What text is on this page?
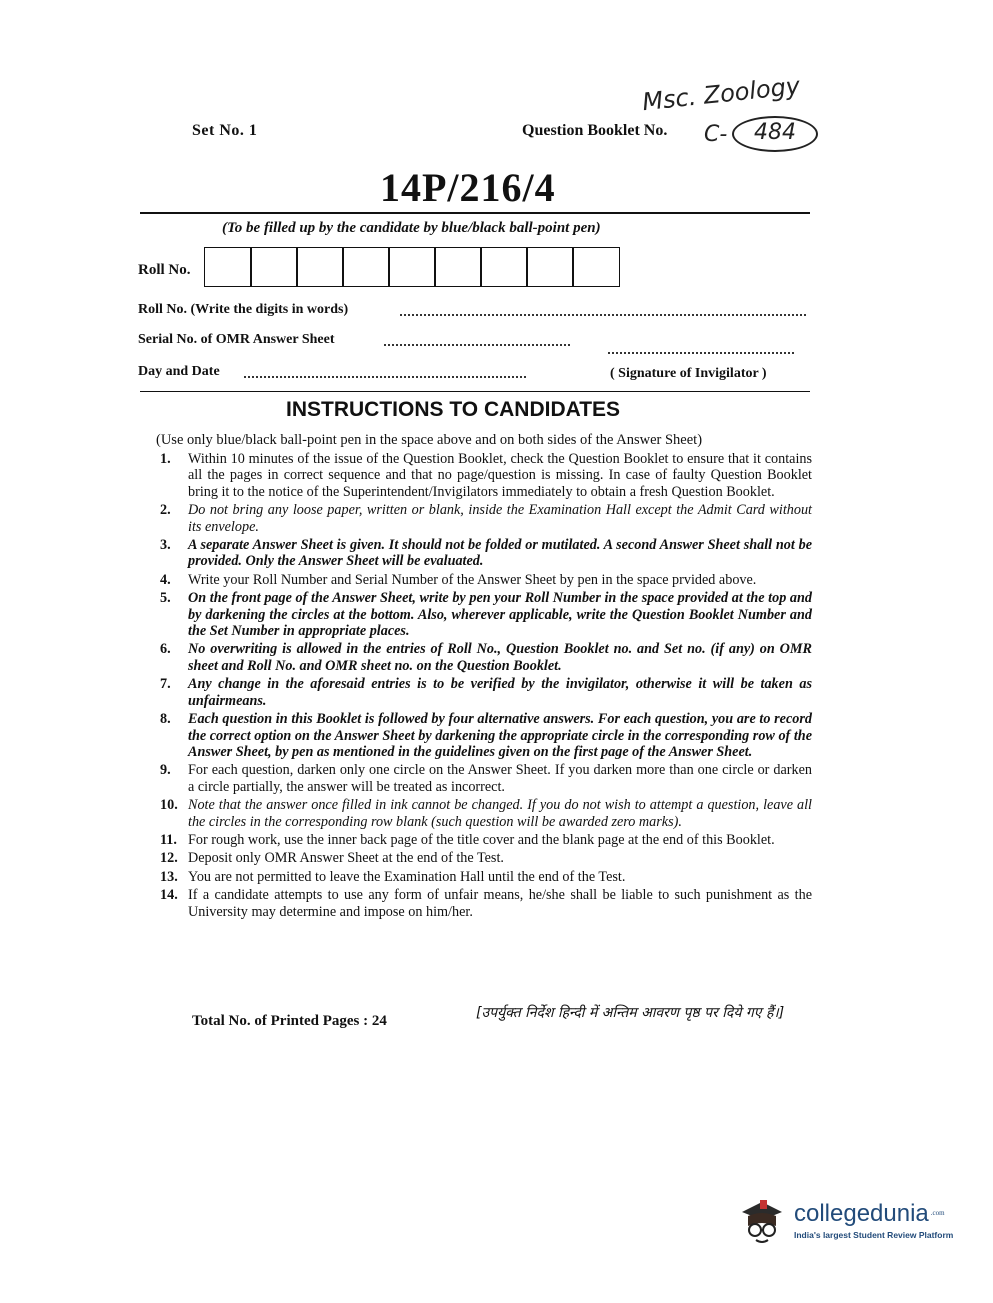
Set No. 1	Question Booklet No.
Msc. Zoology
C-	484
14P/216/4
(To be filled up by the candidate by blue/black ball-point pen)
Roll No.
Roll No. (Write the digits in words)
Serial No. of OMR Answer Sheet
Day and Date	( Signature of Invigilator )
INSTRUCTIONS TO CANDIDATES
(Use only blue/black ball-point pen in the space above and on both sides of the Answer Sheet)
1. Within 10 minutes of the issue of the Question Booklet, check the Question Booklet to ensure that it contains all the pages in correct sequence and that no page/question is missing. In case of faulty Question Booklet bring it to the notice of the Superintendent/Invigilators immediately to obtain a fresh Question Booklet.
2. Do not bring any loose paper, written or blank, inside the Examination Hall except the Admit Card without its envelope.
3. A separate Answer Sheet is given. It should not be folded or mutilated. A second Answer Sheet shall not be provided. Only the Answer Sheet will be evaluated.
4. Write your Roll Number and Serial Number of the Answer Sheet by pen in the space prvided above.
5. On the front page of the Answer Sheet, write by pen your Roll Number in the space provided at the top and by darkening the circles at the bottom. Also, wherever applicable, write the Question Booklet Number and the Set Number in appropriate places.
6. No overwriting is allowed in the entries of Roll No., Question Booklet no. and Set no. (if any) on OMR sheet and Roll No. and OMR sheet no. on the Question Booklet.
7. Any change in the aforesaid entries is to be verified by the invigilator, otherwise it will be taken as unfairmeans.
8. Each question in this Booklet is followed by four alternative answers. For each question, you are to record the correct option on the Answer Sheet by darkening the appropriate circle in the corresponding row of the Answer Sheet, by pen as mentioned in the guidelines given on the first page of the Answer Sheet.
9. For each question, darken only one circle on the Answer Sheet. If you darken more than one circle or darken a circle partially, the answer will be treated as incorrect.
10. Note that the answer once filled in ink cannot be changed. If you do not wish to attempt a question, leave all the circles in the corresponding row blank (such question will be awarded zero marks).
11. For rough work, use the inner back page of the title cover and the blank page at the end of this Booklet.
12. Deposit only OMR Answer Sheet at the end of the Test.
13. You are not permitted to leave the Examination Hall until the end of the Test.
14. If a candidate attempts to use any form of unfair means, he/she shall be liable to such punishment as the University may determine and impose on him/her.
Total No. of Printed Pages : 24	[उपर्युक्त निर्देश हिन्दी में अन्तिम आवरण पृष्ठ पर दिये गए हैं।]
collegedunia $^{.com}$
India's largest Student Review Platform
